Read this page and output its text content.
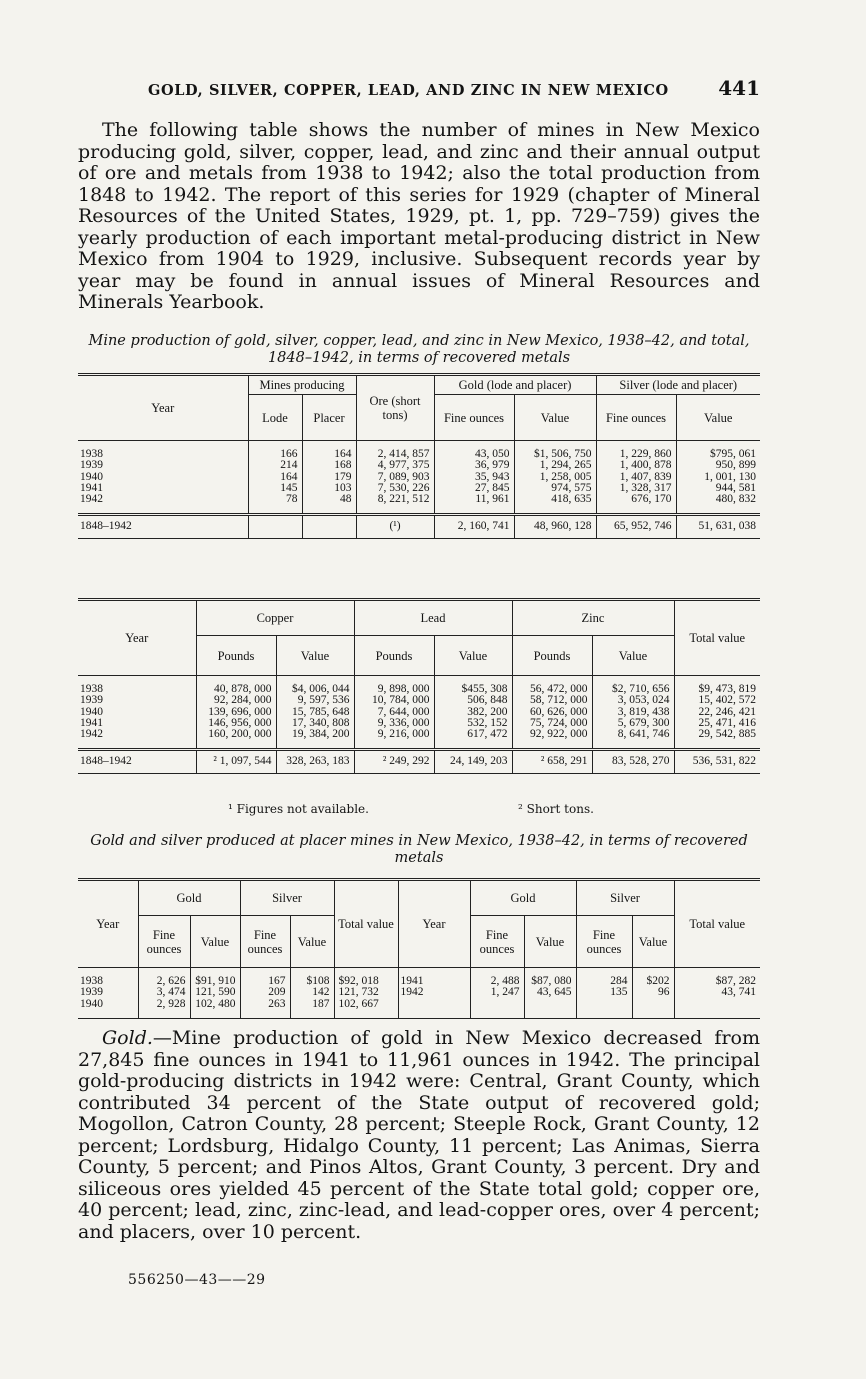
GOLD, SILVER, COPPER, LEAD, AND ZINC IN NEW MEXICO 441

The following table shows the number of mines in New Mexico producing gold, silver, copper, lead, and zinc and their annual output of ore and metals from 1938 to 1942; also the total production from 1848 to 1942. The report of this series for 1929 (chapter of Mineral Resources of the United States, 1929, pt. 1, pp. 729–759) gives the yearly production of each important metal-producing district in New Mexico from 1904 to 1929, inclusive. Subsequent records year by year may be found in annual issues of Mineral Resources and Minerals Yearbook.

Mine production of gold, silver, copper, lead, and zinc in New Mexico, 1938–42, and total, 1848–1942, in terms of recovered metals
Year	Mines producing		Ore (short tons)	Gold (lode and placer)		Silver (lode and placer)	
	Lode	Placer		Fine ounces	Value	Fine ounces	Value

1938	166	164	2, 414, 857	43, 050	$1, 506, 750	1, 229, 860	$795, 061
1939	214	168	4, 977, 375	36, 979	1, 294, 265	1, 400, 878	950, 899
1940	164	179	7, 089, 903	35, 943	1, 258, 005	1, 407, 839	1, 001, 130
1941	145	103	7, 530, 226	27, 845	974, 575	1, 328, 317	944, 581
1942	78	48	8, 221, 512	11, 961	418, 635	676, 170	480, 832

1848–1942			(¹)	2, 160, 741	48, 960, 128	65, 952, 746	51, 631, 038
Year	Copper		Lead		Zinc		Total value
	Pounds	Value	Pounds	Value	Pounds	Value	

1938	40, 878, 000	$4, 006, 044	9, 898, 000	$455, 308	56, 472, 000	$2, 710, 656	$9, 473, 819
1939	92, 284, 000	9, 597, 536	10, 784, 000	506, 848	58, 712, 000	3, 053, 024	15, 402, 572
1940	139, 696, 000	15, 785, 648	7, 644, 000	382, 200	60, 626, 000	3, 819, 438	22, 246, 421
1941	146, 956, 000	17, 340, 808	9, 336, 000	532, 152	75, 724, 000	5, 679, 300	25, 471, 416
1942	160, 200, 000	19, 384, 200	9, 216, 000	617, 472	92, 922, 000	8, 641, 746	29, 542, 885

1848–1942	² 1, 097, 544	328, 263, 183	² 249, 292	24, 149, 203	² 658, 291	83, 528, 270	536, 531, 822
¹ Figures not available.	² Short tons.
Gold and silver produced at placer mines in New Mexico, 1938–42, in terms of recovered metals
Year	Gold		Silver		Total value	Year	Gold		Silver		Total value
	Fine ounces	Value	Fine ounces	Value			Fine ounces	Value	Fine ounces	Value	

1938	2, 626	$91, 910	167	$108	$92, 018	1941	2, 488	$87, 080	284	$202	$87, 282
1939	3, 474	121, 590	209	142	121, 732	1942	1, 247	43, 645	135	96	43, 741
1940	2, 928	102, 480	263	187	102, 667						

Gold.—Mine production of gold in New Mexico decreased from 27,845 fine ounces in 1941 to 11,961 ounces in 1942. The principal gold-producing districts in 1942 were: Central, Grant County, which contributed 34 percent of the State output of recovered gold; Mogollon, Catron County, 28 percent; Steeple Rock, Grant County, 12 percent; Lordsburg, Hidalgo County, 11 percent; Las Animas, Sierra County, 5 percent; and Pinos Altos, Grant County, 3 percent. Dry and siliceous ores yielded 45 percent of the State total gold; copper ore, 40 percent; lead, zinc, zinc-lead, and lead-copper ores, over 4 percent; and placers, over 10 percent.

556250—43——29
